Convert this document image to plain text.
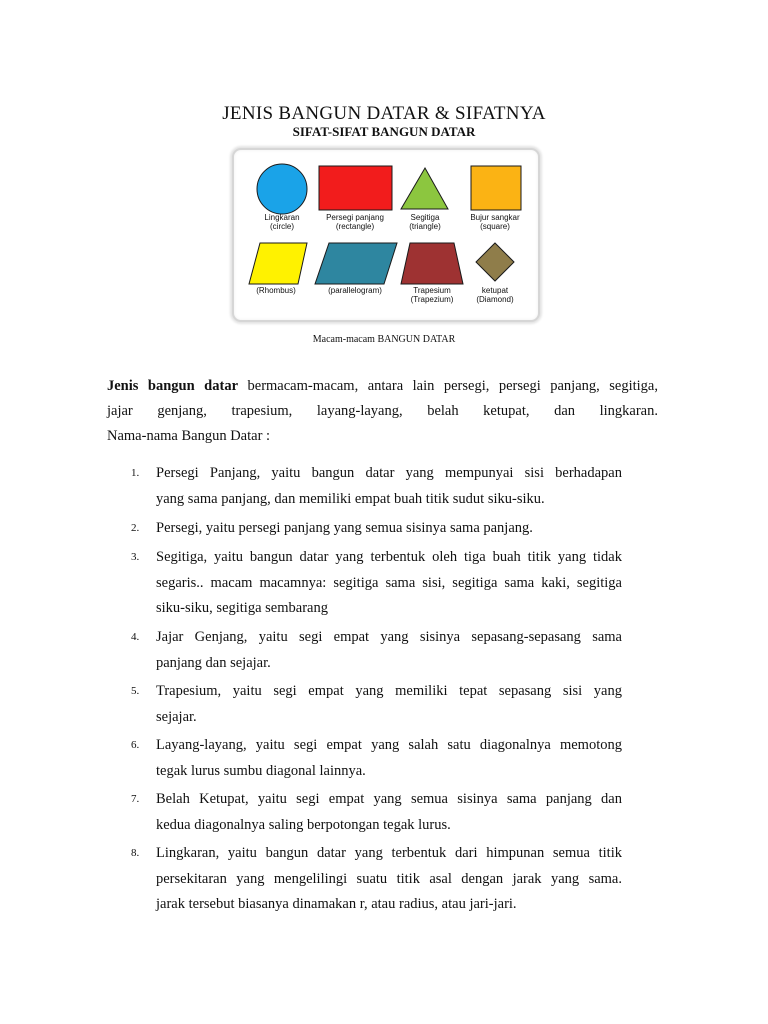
JENIS BANGUN DATAR & SIFATNYA
SIFAT-SIFAT BANGUN DATAR
Lingkaran
(circle)
Persegi panjang
(rectangle)
Segitiga
(triangle)
Bujur sangkar
(square)
(Rhombus)	(parallelogram)	Trapesium
(Trapezium)
ketupat
(Diamond)
Macam-macam BANGUN DATAR
Jenis bangun datar bermacam-macam, antara lain persegi, persegi panjang, segitiga,
jajar genjang, trapesium, layang-layang, belah ketupat, dan lingkaran.
Nama-nama Bangun Datar :
1. Persegi Panjang, yaitu bangun datar yang mempunyai sisi berhadapan
yang sama panjang, dan memiliki empat buah titik sudut siku-siku.
2. Persegi, yaitu persegi panjang yang semua sisinya sama panjang.
3. Segitiga, yaitu bangun datar yang terbentuk oleh tiga buah titik yang tidak
segaris.. macam macamnya: segitiga sama sisi, segitiga sama kaki, segitiga
siku-siku, segitiga sembarang
4. Jajar Genjang, yaitu segi empat yang sisinya sepasang-sepasang sama
panjang dan sejajar.
5. Trapesium, yaitu segi empat yang memiliki tepat sepasang sisi yang
sejajar.
6. Layang-layang, yaitu segi empat yang salah satu diagonalnya memotong
tegak lurus sumbu diagonal lainnya.
7. Belah Ketupat, yaitu segi empat yang semua sisinya sama panjang dan
kedua diagonalnya saling berpotongan tegak lurus.
8. Lingkaran, yaitu bangun datar yang terbentuk dari himpunan semua titik
persekitaran yang mengelilingi suatu titik asal dengan jarak yang sama.
jarak tersebut biasanya dinamakan r, atau radius, atau jari-jari.
